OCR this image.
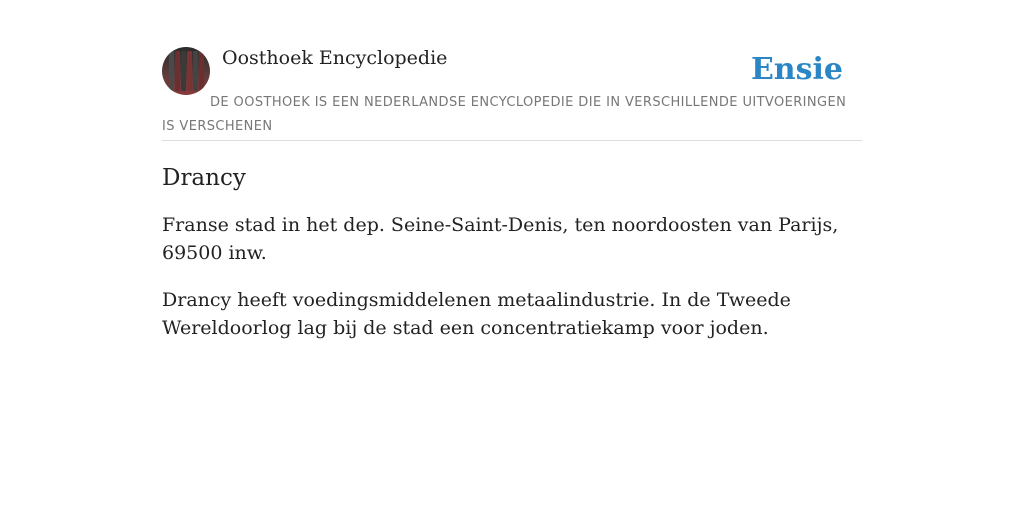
Oosthoek Encyclopedie	Ensie
DE OOSTHOEK IS EEN NEDERLANDSE ENCYCLOPEDIE DIE IN VERSCHILLENDE UITVOERINGEN IS VERSCHENEN
Drancy

Franse stad in het dep. Seine-Saint-Denis, ten noordoosten van Parijs, 69500 inw.

Drancy heeft voedingsmiddelenen metaalindustrie. In de Tweede Wereldoorlog lag bij de stad een concentratiekamp voor joden.
